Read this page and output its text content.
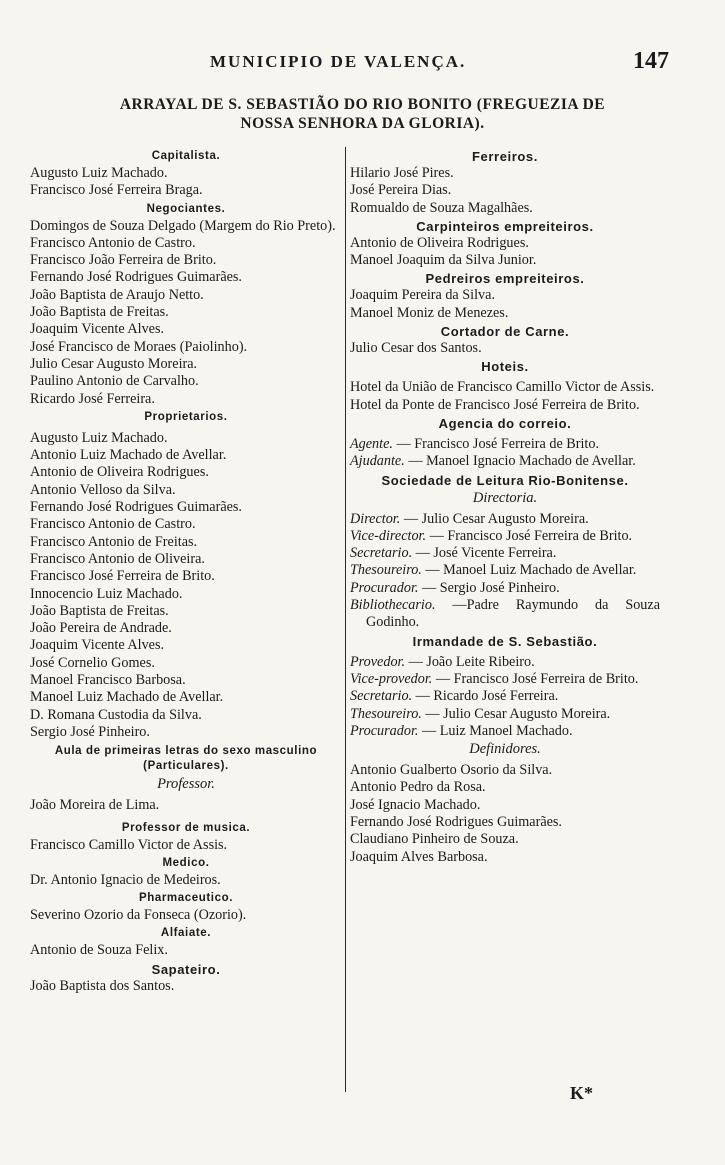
MUNICIPIO DE VALENÇA.	147
ARRAYAL DE S. SEBASTIÃO DO RIO BONITO (FREGUEZIA DE
NOSSA SENHORA DA GLORIA).
Capitalista.

Augusto Luiz Machado.

Francisco José Ferreira Braga.

Negociantes.

Domingos de Souza Delgado (Margem do Rio Preto).

Francisco Antonio de Castro.

Francisco João Ferreira de Brito.

Fernando José Rodrigues Guimarães.

João Baptista de Araujo Netto.

João Baptista de Freitas.

Joaquim Vicente Alves.

José Francisco de Moraes (Paiolinho).

Julio Cesar Augusto Moreira.

Paulino Antonio de Carvalho.

Ricardo José Ferreira.

Proprietarios.

Augusto Luiz Machado.

Antonio Luiz Machado de Avellar.

Antonio de Oliveira Rodrigues.

Antonio Velloso da Silva.

Fernando José Rodrigues Guimarães.

Francisco Antonio de Castro.

Francisco Antonio de Freitas.

Francisco Antonio de Oliveira.

Francisco José Ferreira de Brito.

Innocencio Luiz Machado.

João Baptista de Freitas.

João Pereira de Andrade.

Joaquim Vicente Alves.

José Cornelio Gomes.

Manoel Francisco Barbosa.

Manoel Luiz Machado de Avellar.

D. Romana Custodia da Silva.

Sergio José Pinheiro.

Aula de primeiras letras do sexo masculino
(Particulares).
Professor.

João Moreira de Lima.

Professor de musica.

Francisco Camillo Victor de Assis.

Medico.

Dr. Antonio Ignacio de Medeiros.

Pharmaceutico.

Severino Ozorio da Fonseca (Ozorio).

Alfaiate.

Antonio de Souza Felix.

Sapateiro.

João Baptista dos Santos.

Ferreiros.

Hilario José Pires.

José Pereira Dias.

Romualdo de Souza Magalhães.

Carpinteiros empreiteiros.

Antonio de Oliveira Rodrigues.

Manoel Joaquim da Silva Junior.

Pedreiros empreiteiros.

Joaquim Pereira da Silva.

Manoel Moniz de Menezes.

Cortador de Carne.

Julio Cesar dos Santos.

Hoteis.

Hotel da União de Francisco Camillo Victor de Assis.

Hotel da Ponte de Francisco José Ferreira de Brito.

Agencia do correio.

Agente. — Francisco José Ferreira de Brito.

Ajudante. — Manoel Ignacio Machado de Avellar.

Sociedade de Leitura Rio-Bonitense.
Directoria.

Director. — Julio Cesar Augusto Moreira.

Vice-director. — Francisco José Ferreira de Brito.

Secretario. — José Vicente Ferreira.

Thesoureiro. — Manoel Luiz Machado de Avellar.

Procurador. — Sergio José Pinheiro.

Bibliothecario. —Padre Raymundo da Souza Godinho.

Irmandade de S. Sebastião.

Provedor. — João Leite Ribeiro.

Vice-provedor. — Francisco José Ferreira de Brito.

Secretario. — Ricardo José Ferreira.

Thesoureiro. — Julio Cesar Augusto Moreira.

Procurador. — Luiz Manoel Machado.

Definidores.

Antonio Gualberto Osorio da Silva.

Antonio Pedro da Rosa.

José Ignacio Machado.

Fernando José Rodrigues Guimarães.

Claudiano Pinheiro de Souza.

Joaquim Alves Barbosa.

K*
